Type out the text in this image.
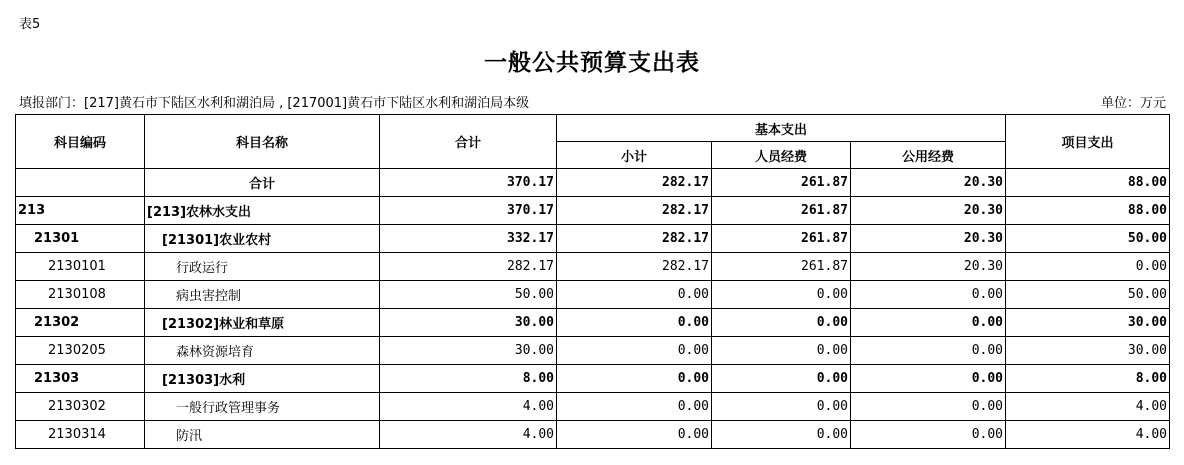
表5
一般公共预算支出表
填报部门：[217]黄石市下陆区水利和湖泊局 , [217001]黄石市下陆区水利和湖泊局本级	单位：万元
科目编码	科目名称	合计	基本支出			项目支出
			小计	人员经费	公用经费	
	合计	370.17	282.17	261.87	20.30	88.00
213	[213]农林水支出	370.17	282.17	261.87	20.30	88.00
21301	[21301]农业农村	332.17	282.17	261.87	20.30	50.00
2130101	行政运行	282.17	282.17	261.87	20.30	0.00
2130108	病虫害控制	50.00	0.00	0.00	0.00	50.00
21302	[21302]林业和草原	30.00	0.00	0.00	0.00	30.00
2130205	森林资源培育	30.00	0.00	0.00	0.00	30.00
21303	[21303]水利	8.00	0.00	0.00	0.00	8.00
2130302	一般行政管理事务	4.00	0.00	0.00	0.00	4.00
2130314	防汛	4.00	0.00	0.00	0.00	4.00
